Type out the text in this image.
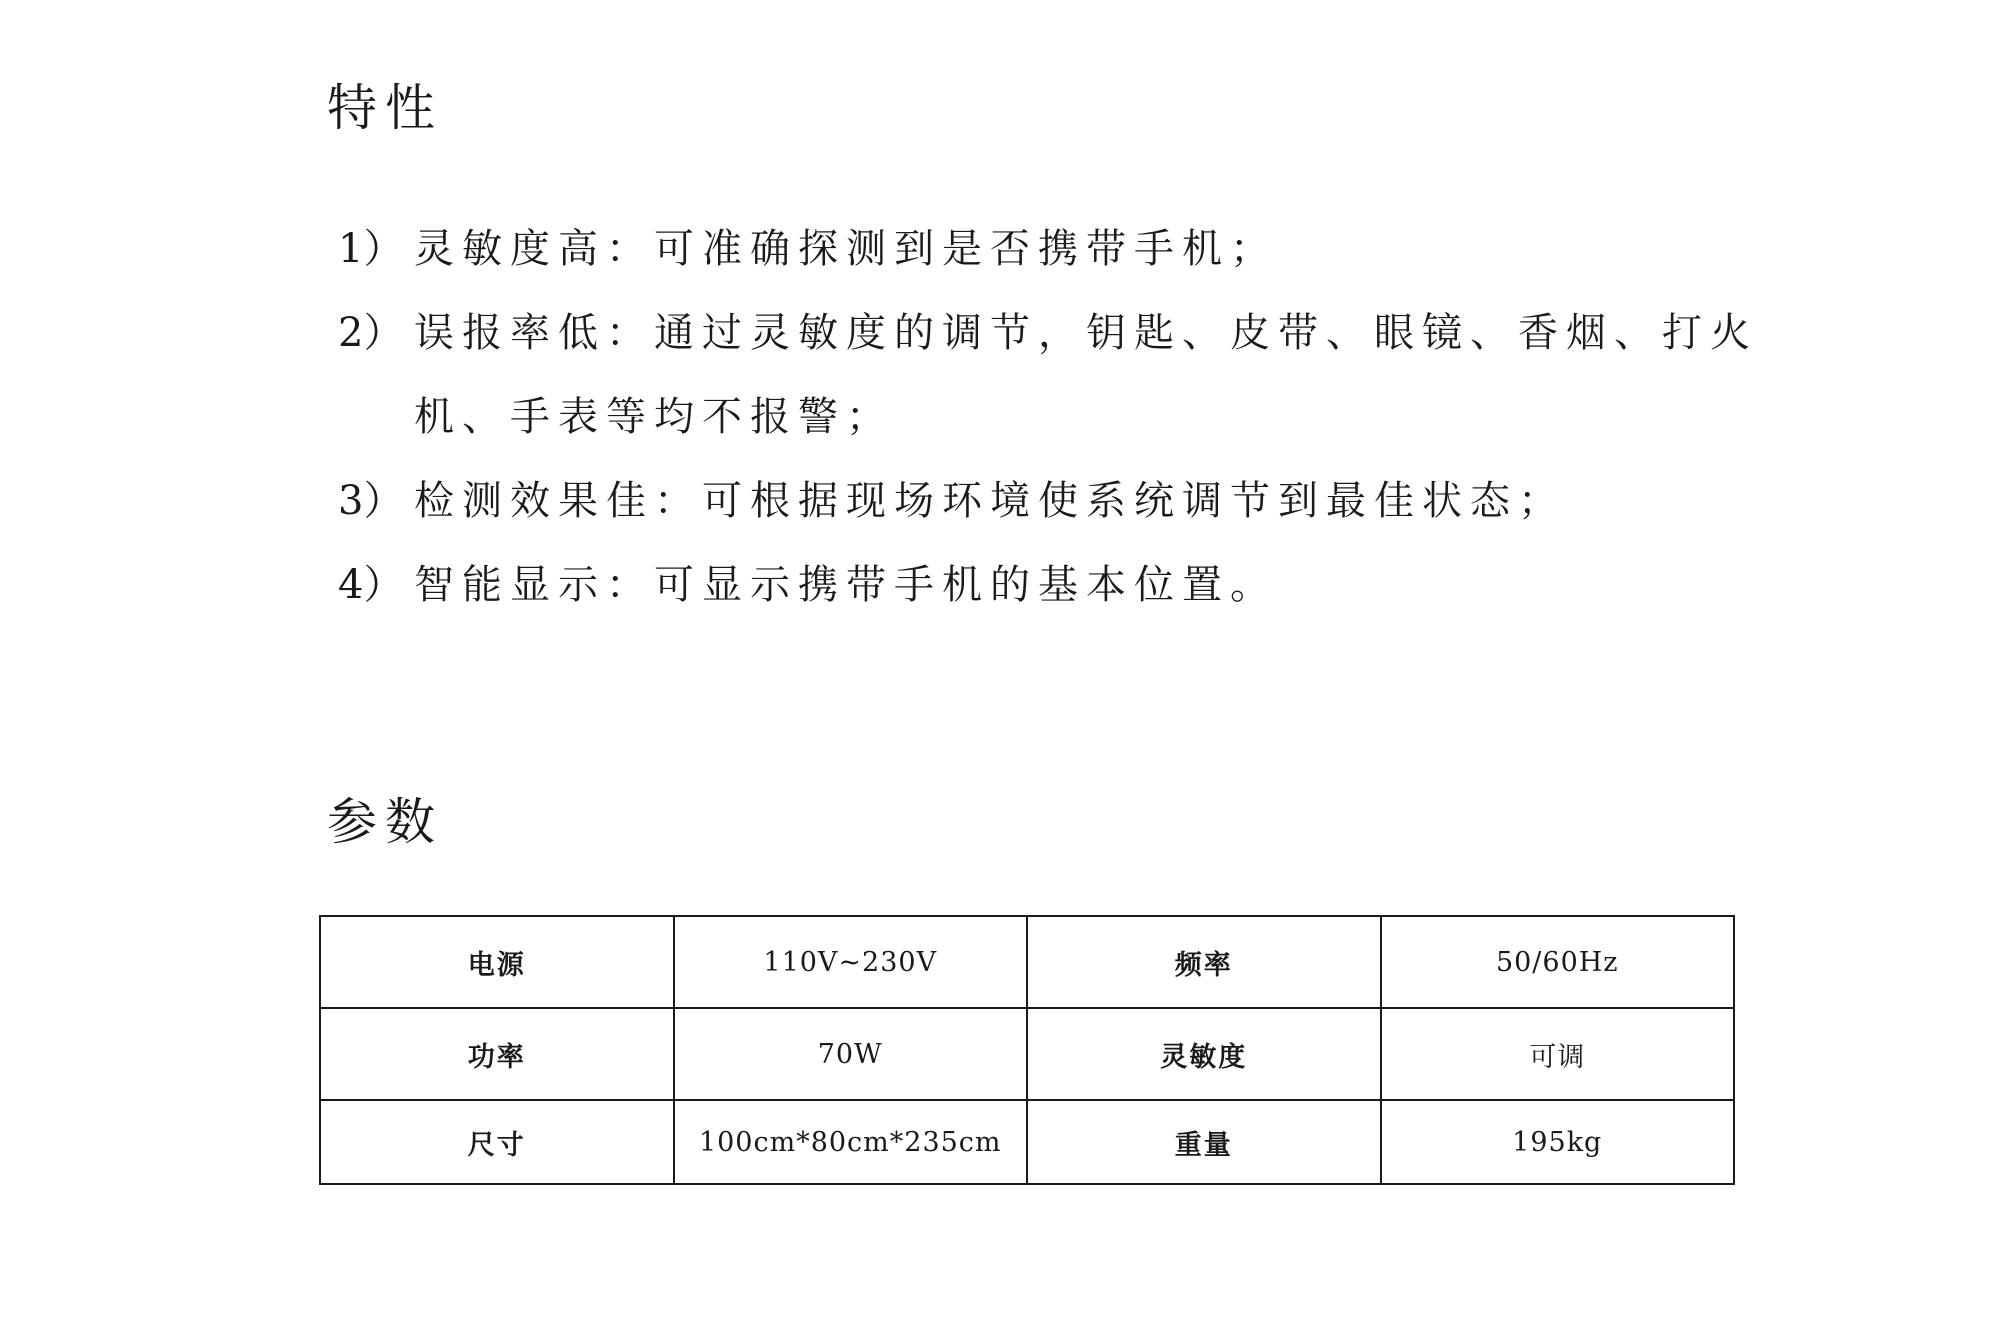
特性
1） 灵敏度高：可准确探测到是否携带手机；
2） 误报率低：通过灵敏度的调节，钥匙、皮带、眼镜、香烟、打火机、手表等均不报警；
3） 检测效果佳：可根据现场环境使系统调节到最佳状态；
4） 智能显示：可显示携带手机的基本位置。
参数
电源	110V~230V	频率	50/60Hz
功率	70W	灵敏度	可调
尺寸	100cm*80cm*235cm	重量	195kg
